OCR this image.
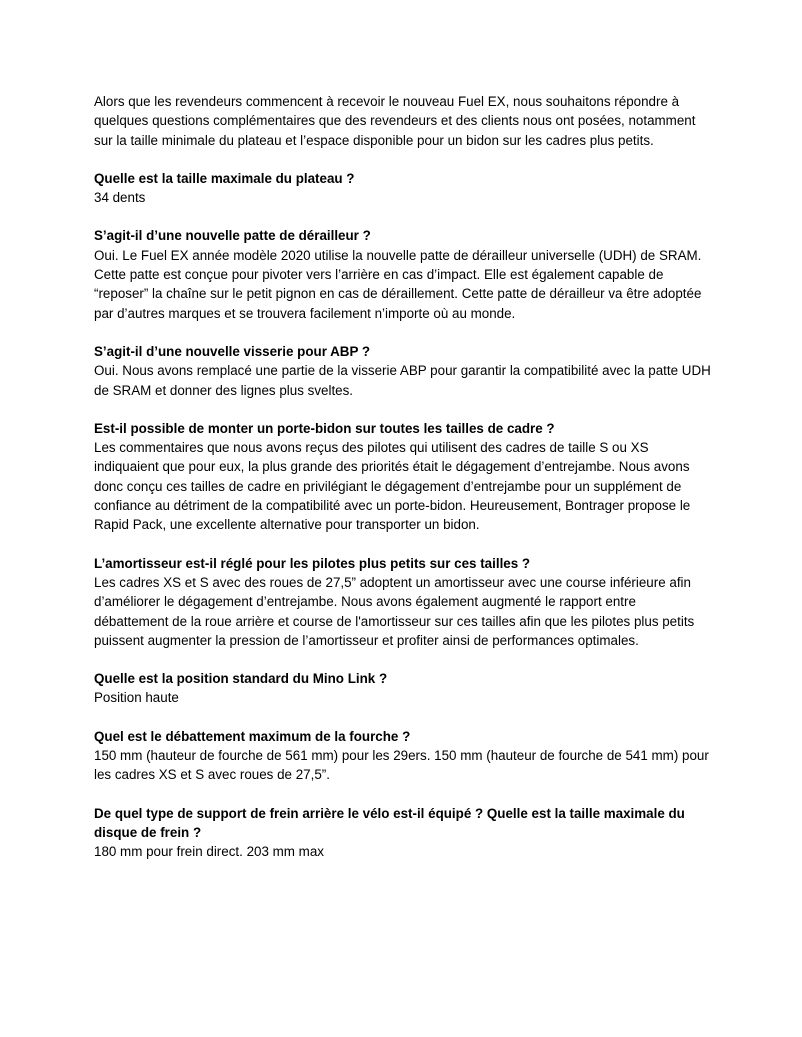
Alors que les revendeurs commencent à recevoir le nouveau Fuel EX, nous souhaitons répondre à quelques questions complémentaires que des revendeurs et des clients nous ont posées, notamment sur la taille minimale du plateau et l’espace disponible pour un bidon sur les cadres plus petits.

Quelle est la taille maximale du plateau ?

34 dents

S’agit-il d’une nouvelle patte de dérailleur ?

Oui. Le Fuel EX année modèle 2020 utilise la nouvelle patte de dérailleur universelle (UDH) de SRAM. Cette patte est conçue pour pivoter vers l’arrière en cas d’impact. Elle est également capable de “reposer” la chaîne sur le petit pignon en cas de déraillement. Cette patte de dérailleur va être adoptée par d’autres marques et se trouvera facilement n’importe où au monde.

S’agit-il d’une nouvelle visserie pour ABP ?

Oui. Nous avons remplacé une partie de la visserie ABP pour garantir la compatibilité avec la patte UDH de SRAM et donner des lignes plus sveltes.

Est-il possible de monter un porte-bidon sur toutes les tailles de cadre ?

Les commentaires que nous avons reçus des pilotes qui utilisent des cadres de taille S ou XS indiquaient que pour eux, la plus grande des priorités était le dégagement d’entrejambe. Nous avons donc conçu ces tailles de cadre en privilégiant le dégagement d’entrejambe pour un supplément de confiance au détriment de la compatibilité avec un porte-bidon. Heureusement, Bontrager propose le Rapid Pack, une excellente alternative pour transporter un bidon.

L’amortisseur est-il réglé pour les pilotes plus petits sur ces tailles ?

Les cadres XS et S avec des roues de 27,5” adoptent un amortisseur avec une course inférieure afin d’améliorer le dégagement d’entrejambe. Nous avons également augmenté le rapport entre débattement de la roue arrière et course de l'amortisseur sur ces tailles afin que les pilotes plus petits puissent augmenter la pression de l’amortisseur et profiter ainsi de performances optimales.

Quelle est la position standard du Mino Link ?

Position haute

Quel est le débattement maximum de la fourche ?

150 mm (hauteur de fourche de 561 mm) pour les 29ers. 150 mm (hauteur de fourche de 541 mm) pour les cadres XS et S avec roues de 27,5”.

De quel type de support de frein arrière le vélo est-il équipé ? Quelle est la taille maximale du disque de frein ?

180 mm pour frein direct. 203 mm max
